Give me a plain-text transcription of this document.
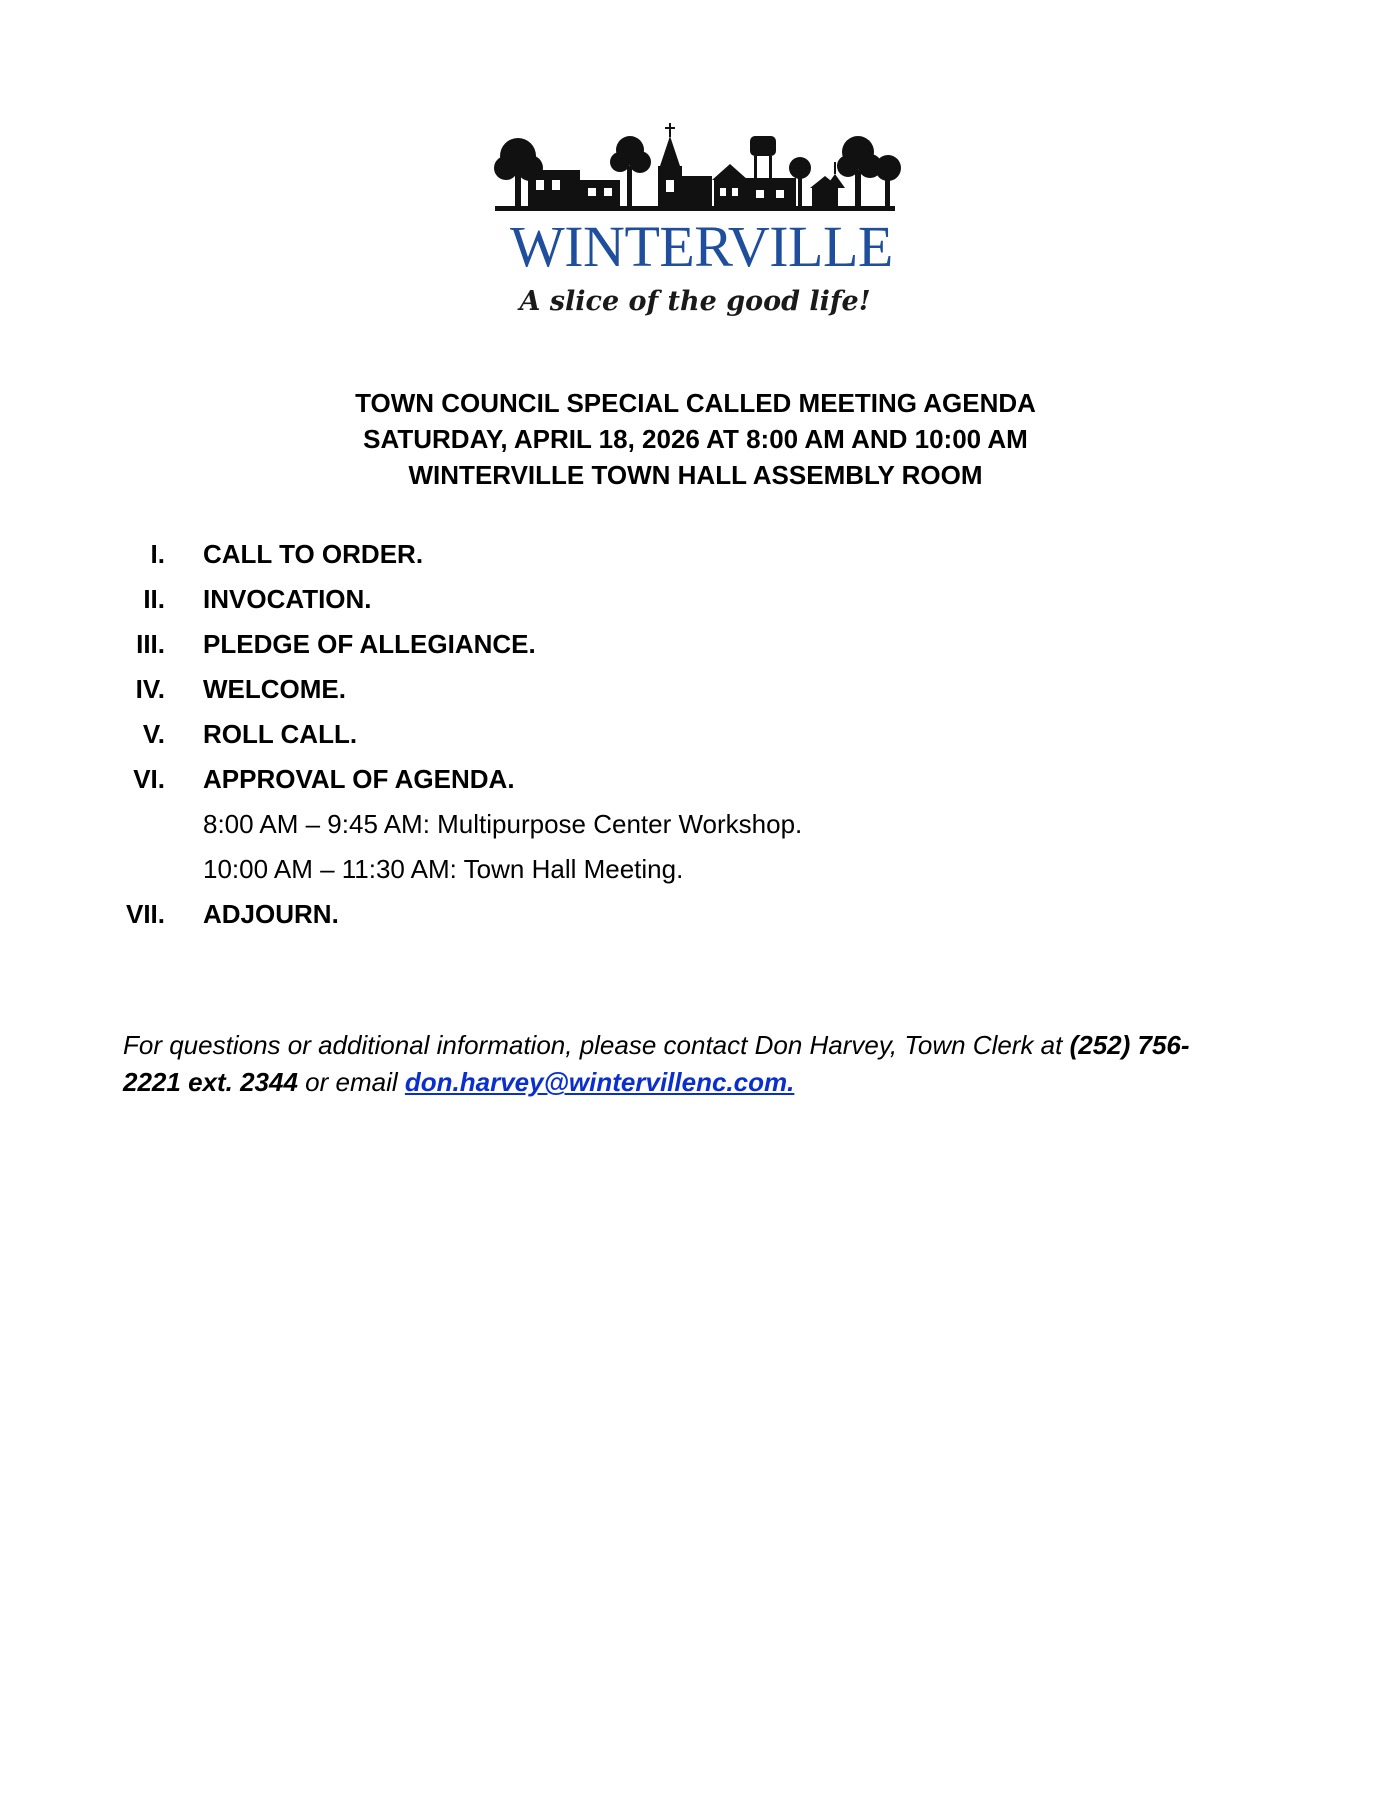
WINTERVILLE
A slice of the good life!
TOWN COUNCIL SPECIAL CALLED MEETING AGENDA
SATURDAY, APRIL 18, 2026 AT 8:00 AM AND 10:00 AM
WINTERVILLE TOWN HALL ASSEMBLY ROOM
I. CALL TO ORDER.
II. INVOCATION.
III. PLEDGE OF ALLEGIANCE.
IV. WELCOME.
V. ROLL CALL.
VI. APPROVAL OF AGENDA.
8:00 AM – 9:45 AM: Multipurpose Center Workshop.
10:00 AM – 11:30 AM: Town Hall Meeting.
VII. ADJOURN.
For questions or additional information, please contact Don Harvey, Town Clerk at (252) 756-
2221 ext. 2344 or email don.harvey@wintervillenc.com.
